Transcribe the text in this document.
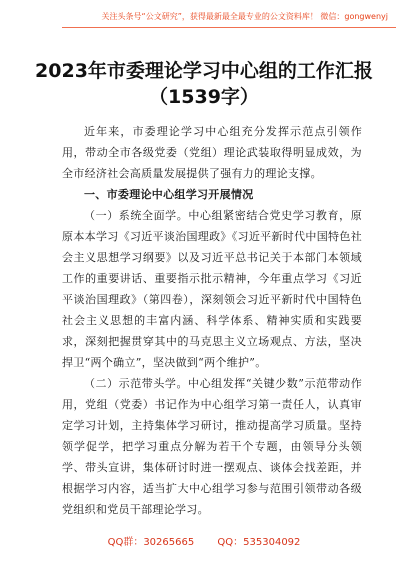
关注头条号“公文研究”，获得最新最全最专业的公文资料库！ 微信：gongwenyj
2023年市委理论学习中心组的工作汇报（1539字）

近年来，市委理论学习中心组充分发挥示范点引领作用，带动全市各级党委（党组）理论武装取得明显成效，为全市经济社会高质量发展提供了强有力的理论支撑。

一、市委理论中心组学习开展情况

（一）系统全面学。中心组紧密结合党史学习教育，原原本本学习《习近平谈治国理政》《习近平新时代中国特色社会主义思想学习纲要》以及习近平总书记关于本部门本领域工作的重要讲话、重要指示批示精神，今年重点学习《习近平谈治国理政》（第四卷），深刻领会习近平新时代中国特色社会主义思想的丰富内涵、科学体系、精神实质和实践要求，深刻把握贯穿其中的马克思主义立场观点、方法，坚决捍卫“两个确立”，坚决做到“两个维护”。

（二）示范带头学。中心组发挥“关键少数”示范带动作用，党组（党委）书记作为中心组学习第一责任人，认真审定学习计划，主持集体学习研讨，推动提高学习质量。坚持领学促学，把学习重点分解为若干个专题，由领导分头领学、带头宣讲，集体研讨时进一摆观点、谈体会找差距，并根据学习内容，适当扩大中心组学习参与范围引领带动各级党组织和党员干部理论学习。

QQ群：30265665 QQ：535304092
